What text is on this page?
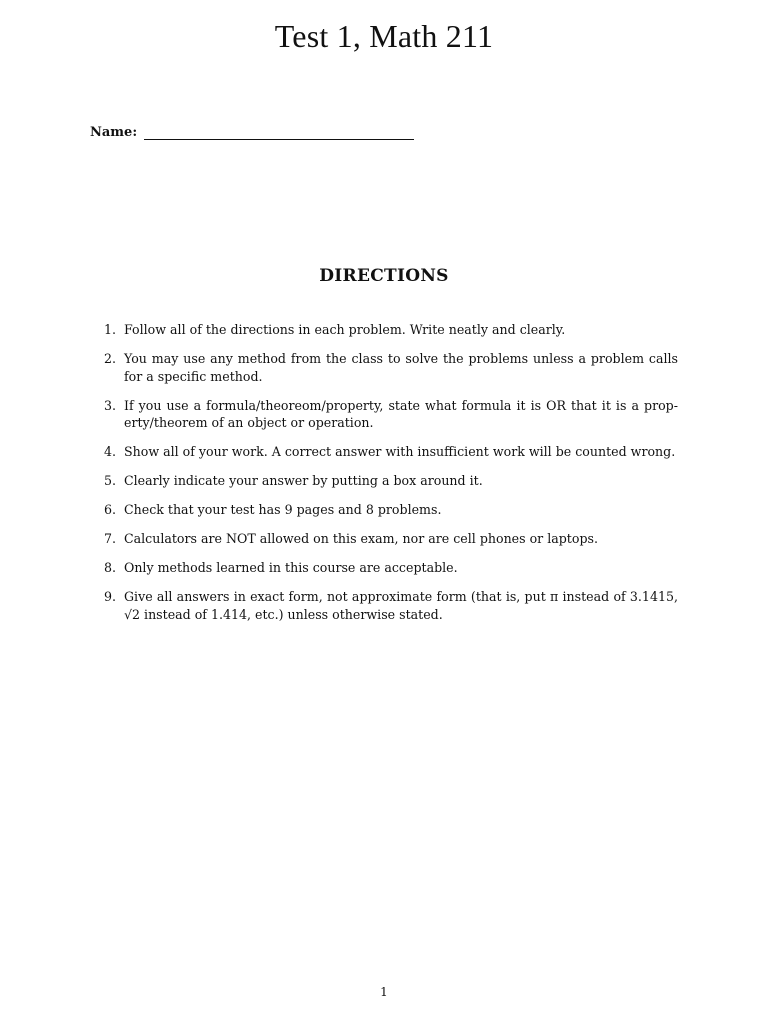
Test 1, Math 211
Name:
DIRECTIONS
1. Follow all of the directions in each problem. Write neatly and clearly.
2. You may use any method from the class to solve the problems unless a problem calls for a specific method.
3. If you use a formula/theoreom/property, state what formula it is OR that it is a prop-erty/theorem of an object or operation.
4. Show all of your work. A correct answer with insufficient work will be counted wrong.
5. Clearly indicate your answer by putting a box around it.
6. Check that your test has 9 pages and 8 problems.
7. Calculators are NOT allowed on this exam, nor are cell phones or laptops.
8. Only methods learned in this course are acceptable.
9. Give all answers in exact form, not approximate form (that is, put π instead of 3.1415, √2 instead of 1.414, etc.) unless otherwise stated.
1
